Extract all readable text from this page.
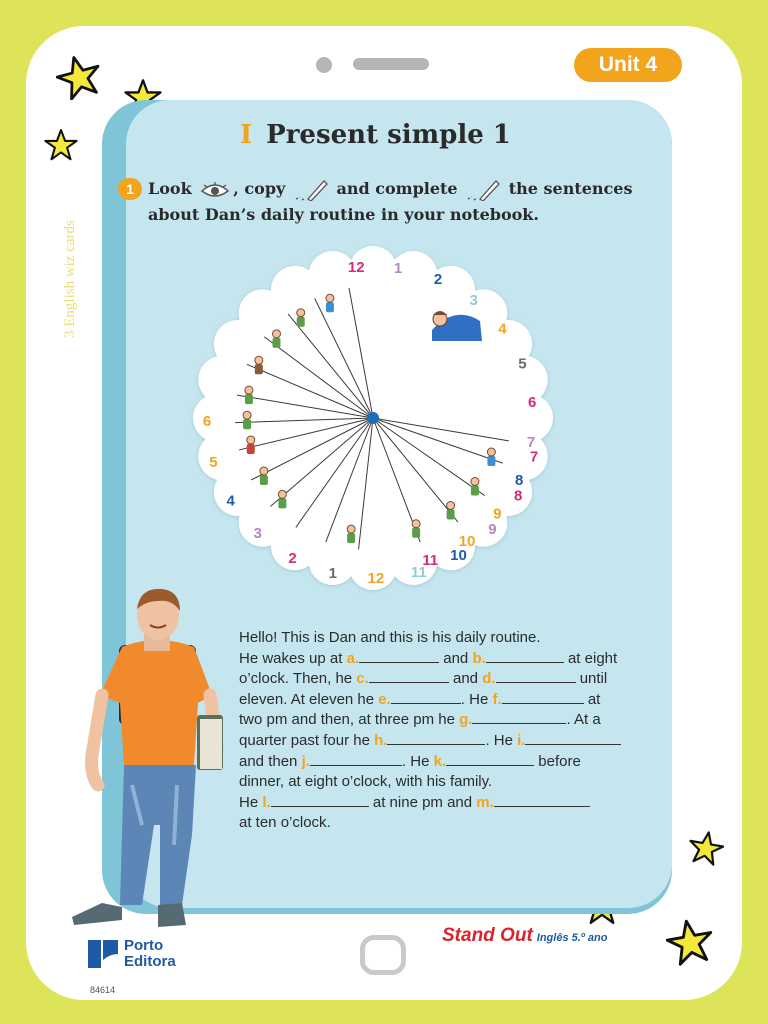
Unit 4
3 English wiz cards
I Present simple 1
1 Look	, copy	and complete	the sentences
about Dan’s daily routine in your notebook.
12 1
2
3
4
5
6
7
8
9
10
11
7
8
9
10
11
12
1
2
3
4
5
6
Hello! This is Dan and this is his daily routine.
He wakes up at a.	and b.	at eight
o’clock. Then, he c.	and d.	until
eleven. At eleven he e.	. He f.	at
two pm and then, at three pm he g.	. At a
quarter past four he h.	. He i.
and then j.	. He k.	before
dinner, at eight o’clock, with his family.
He l.	at nine pm and m.
at ten o’clock.
Porto
Editora
Stand Out Inglês 5.º ano
84614
